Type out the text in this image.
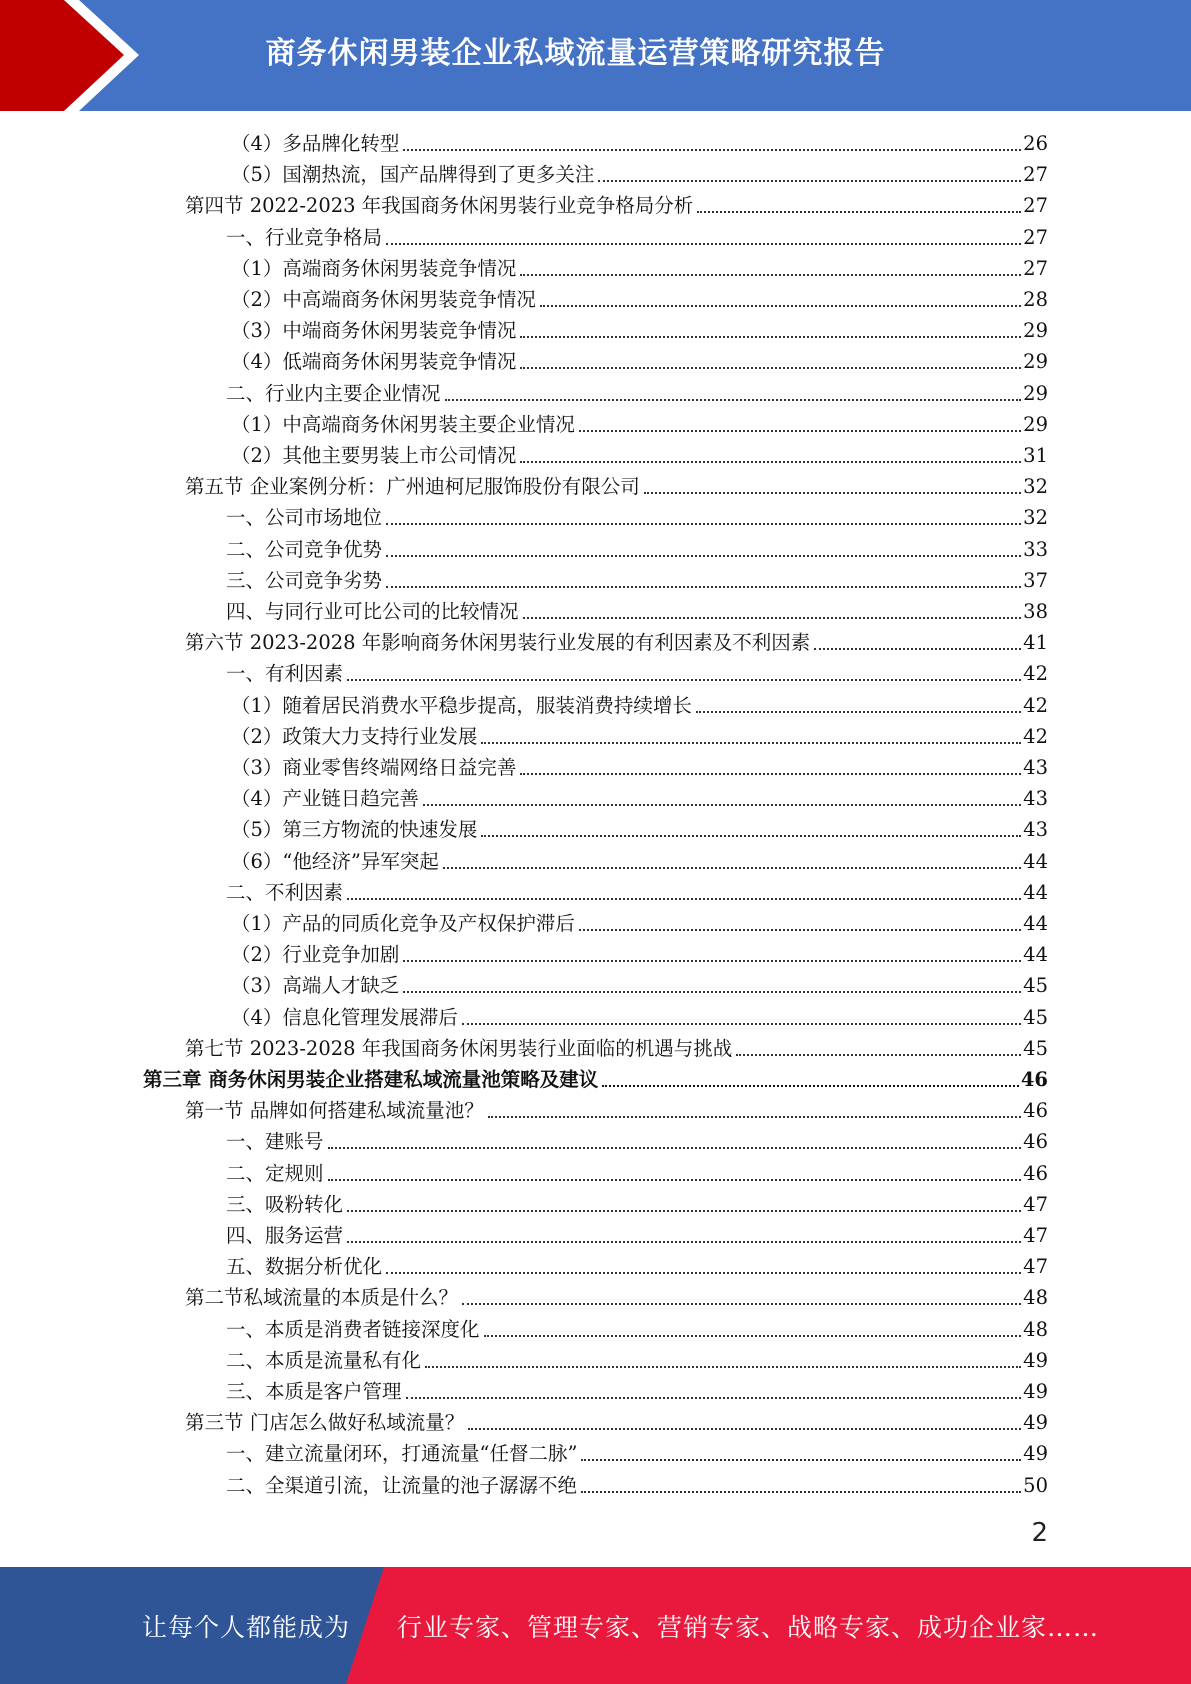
商务休闲男装企业私域流量运营策略研究报告
（4）多品牌化转型	26
（5）国潮热流，国产品牌得到了更多关注	27
第四节 2022-2023 年我国商务休闲男装行业竞争格局分析	27
一、行业竞争格局	27
（1）高端商务休闲男装竞争情况	27
（2）中高端商务休闲男装竞争情况	28
（3）中端商务休闲男装竞争情况	29
（4）低端商务休闲男装竞争情况	29
二、行业内主要企业情况	29
（1）中高端商务休闲男装主要企业情况	29
（2）其他主要男装上市公司情况	31
第五节 企业案例分析：广州迪柯尼服饰股份有限公司	32
一、公司市场地位	32
二、公司竞争优势	33
三、公司竞争劣势	37
四、与同行业可比公司的比较情况	38
第六节 2023-2028 年影响商务休闲男装行业发展的有利因素及不利因素	41
一、有利因素	42
（1）随着居民消费水平稳步提高，服装消费持续增长	42
（2）政策大力支持行业发展	42
（3）商业零售终端网络日益完善	43
（4）产业链日趋完善	43
（5）第三方物流的快速发展	43
（6）“他经济”异军突起	44
二、不利因素	44
（1）产品的同质化竞争及产权保护滞后	44
（2）行业竞争加剧	44
（3）高端人才缺乏	45
（4）信息化管理发展滞后	45
第七节 2023-2028 年我国商务休闲男装行业面临的机遇与挑战	45
第三章 商务休闲男装企业搭建私域流量池策略及建议	46
第一节 品牌如何搭建私域流量池？	46
一、建账号	46
二、定规则	46
三、吸粉转化	47
四、服务运营	47
五、数据分析优化	47
第二节私域流量的本质是什么？	48
一、本质是消费者链接深度化	48
二、本质是流量私有化	49
三、本质是客户管理	49
第三节 门店怎么做好私域流量？	49
一、建立流量闭环，打通流量“任督二脉”	49
二、全渠道引流，让流量的池子潺潺不绝	50
2
让每个人都能成为 行业专家、管理专家、营销专家、战略专家、成功企业家……
